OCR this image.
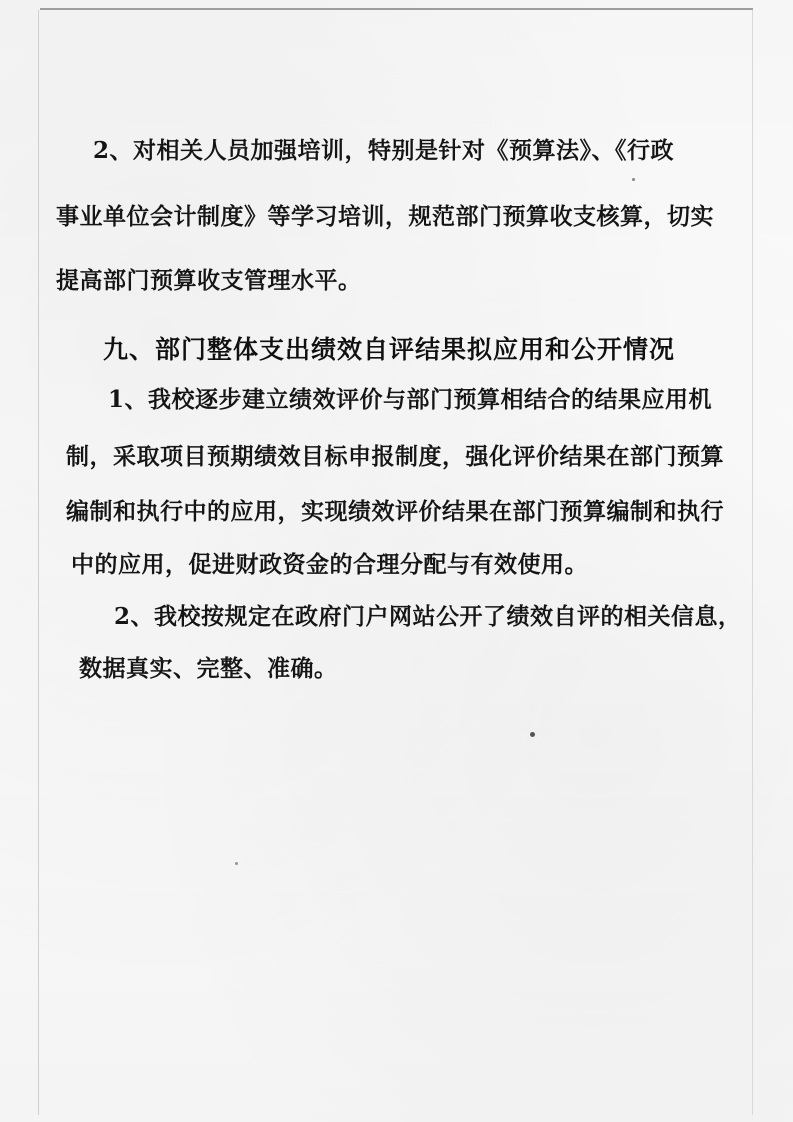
2、对相关人员加强培训，特别是针对《预算法》、《行政
事业单位会计制度》等学习培训，规范部门预算收支核算，切实
提高部门预算收支管理水平。
九、部门整体支出绩效自评结果拟应用和公开情况
1、我校逐步建立绩效评价与部门预算相结合的结果应用机
制，采取项目预期绩效目标申报制度，强化评价结果在部门预算
编制和执行中的应用，实现绩效评价结果在部门预算编制和执行
中的应用，促进财政资金的合理分配与有效使用。
2、我校按规定在政府门户网站公开了绩效自评的相关信息，
数据真实、完整、准确。
